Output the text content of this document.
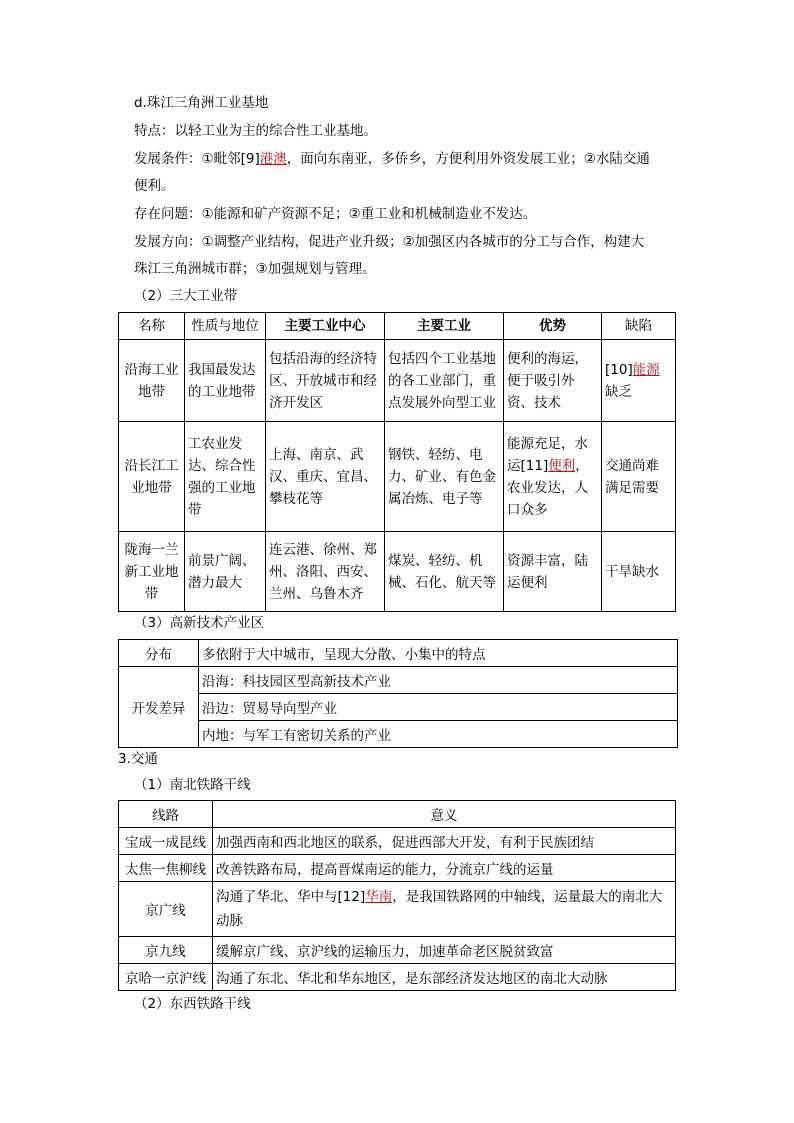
d.珠江三角洲工业基地
特点：以轻工业为主的综合性工业基地。
发展条件：①毗邻[9]港澳，面向东南亚，多侨乡，方便利用外资发展工业；②水陆交通
便利。
存在问题：①能源和矿产资源不足；②重工业和机械制造业不发达。
发展方向：①调整产业结构，促进产业升级；②加强区内各城市的分工与合作，构建大
珠江三角洲城市群；③加强规划与管理。
（2）三大工业带
名称	性质与地位	主要工业中心	主要工业	优势	缺陷
沿海工业地带	我国最发达的工业地带	包括沿海的经济特区、开放城市和经济开发区	包括四个工业基地的各工业部门，重点发展外向型工业	便利的海运，便于吸引外资、技术	[10]能源缺乏
沿长江工业地带	工农业发达、综合性强的工业地带	上海、南京、武汉、重庆、宜昌、攀枝花等	钢铁、轻纺、电力、矿业、有色金属冶炼、电子等	能源充足，水运[11]便利，农业发达，人口众多	交通尚难满足需要
陇海一兰新工业地带	前景广阔、潜力最大	连云港、徐州、郑州、洛阳、西安、兰州、乌鲁木齐	煤炭、轻纺、机械、石化、航天等	资源丰富，陆运便利	干旱缺水
（3）高新技术产业区
分布	多依附于大中城市，呈现大分散、小集中的特点
开发差异	沿海：科技园区型高新技术产业
	沿边：贸易导向型产业
	内地：与军工有密切关系的产业
3.交通
（1）南北铁路干线
线路	意义
宝成一成昆线	加强西南和西北地区的联系，促进西部大开发，有利于民族团结
太焦一焦柳线	改善铁路布局，提高晋煤南运的能力，分流京广线的运量
京广线	沟通了华北、华中与[12]华南，是我国铁路网的中轴线，运量最大的南北大动脉
京九线	缓解京广线、京沪线的运输压力，加速革命老区脱贫致富
京哈一京沪线	沟通了东北、华北和华东地区，是东部经济发达地区的南北大动脉
（2）东西铁路干线
